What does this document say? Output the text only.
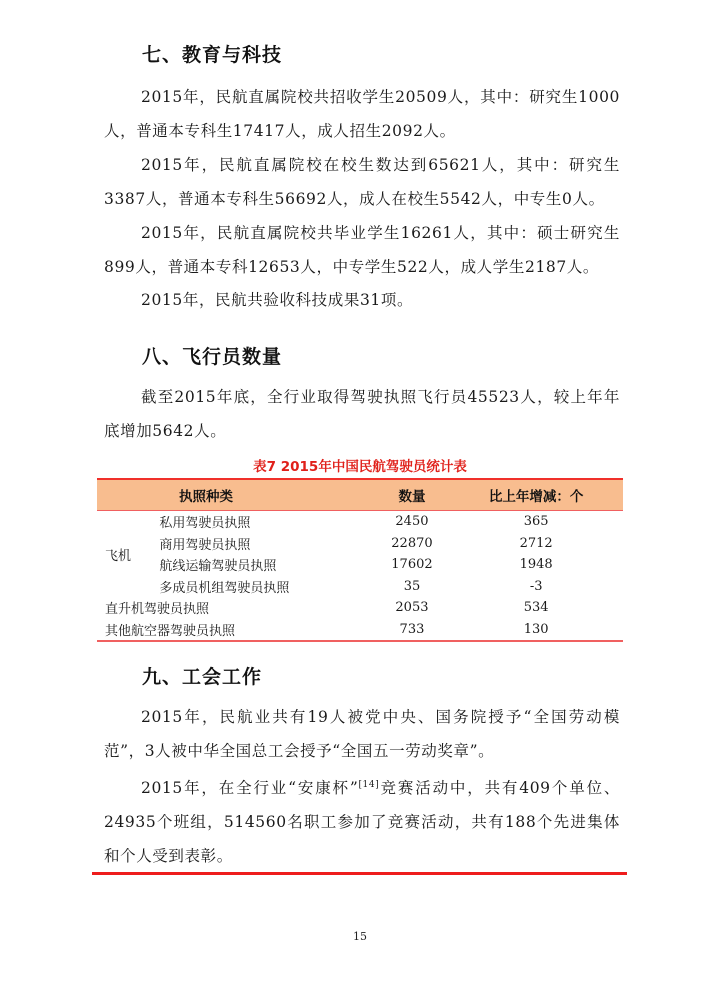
七、教育与科技
2015年，民航直属院校共招收学生20509人，其中：研究生1000人，普通本专科生17417人，成人招生2092人。
2015年，民航直属院校在校生数达到65621人，其中：研究生3387人，普通本专科生56692人，成人在校生5542人，中专生0人。
2015年，民航直属院校共毕业学生16261人，其中：硕士研究生899人，普通本专科12653人，中专学生522人，成人学生2187人。
2015年，民航共验收科技成果31项。
八、飞行员数量
截至2015年底，全行业取得驾驶执照飞行员45523人，较上年年底增加5642人。
表7 2015年中国民航驾驶员统计表
执照种类		数量	比上年增减：个
飞机	私用驾驶员执照	2450	365
	商用驾驶员执照	22870	2712
	航线运输驾驶员执照	17602	1948
	多成员机组驾驶员执照	35	-3
直升机驾驶员执照		2053	534
其他航空器驾驶员执照		733	130
九、工会工作
2015年，民航业共有19人被党中央、国务院授予“全国劳动模范”，3人被中华全国总工会授予“全国五一劳动奖章”。
2015年，在全行业“安康杯”[14]竞赛活动中，共有409个单位、24935个班组，514560名职工参加了竞赛活动，共有188个先进集体和个人受到表彰。
15
